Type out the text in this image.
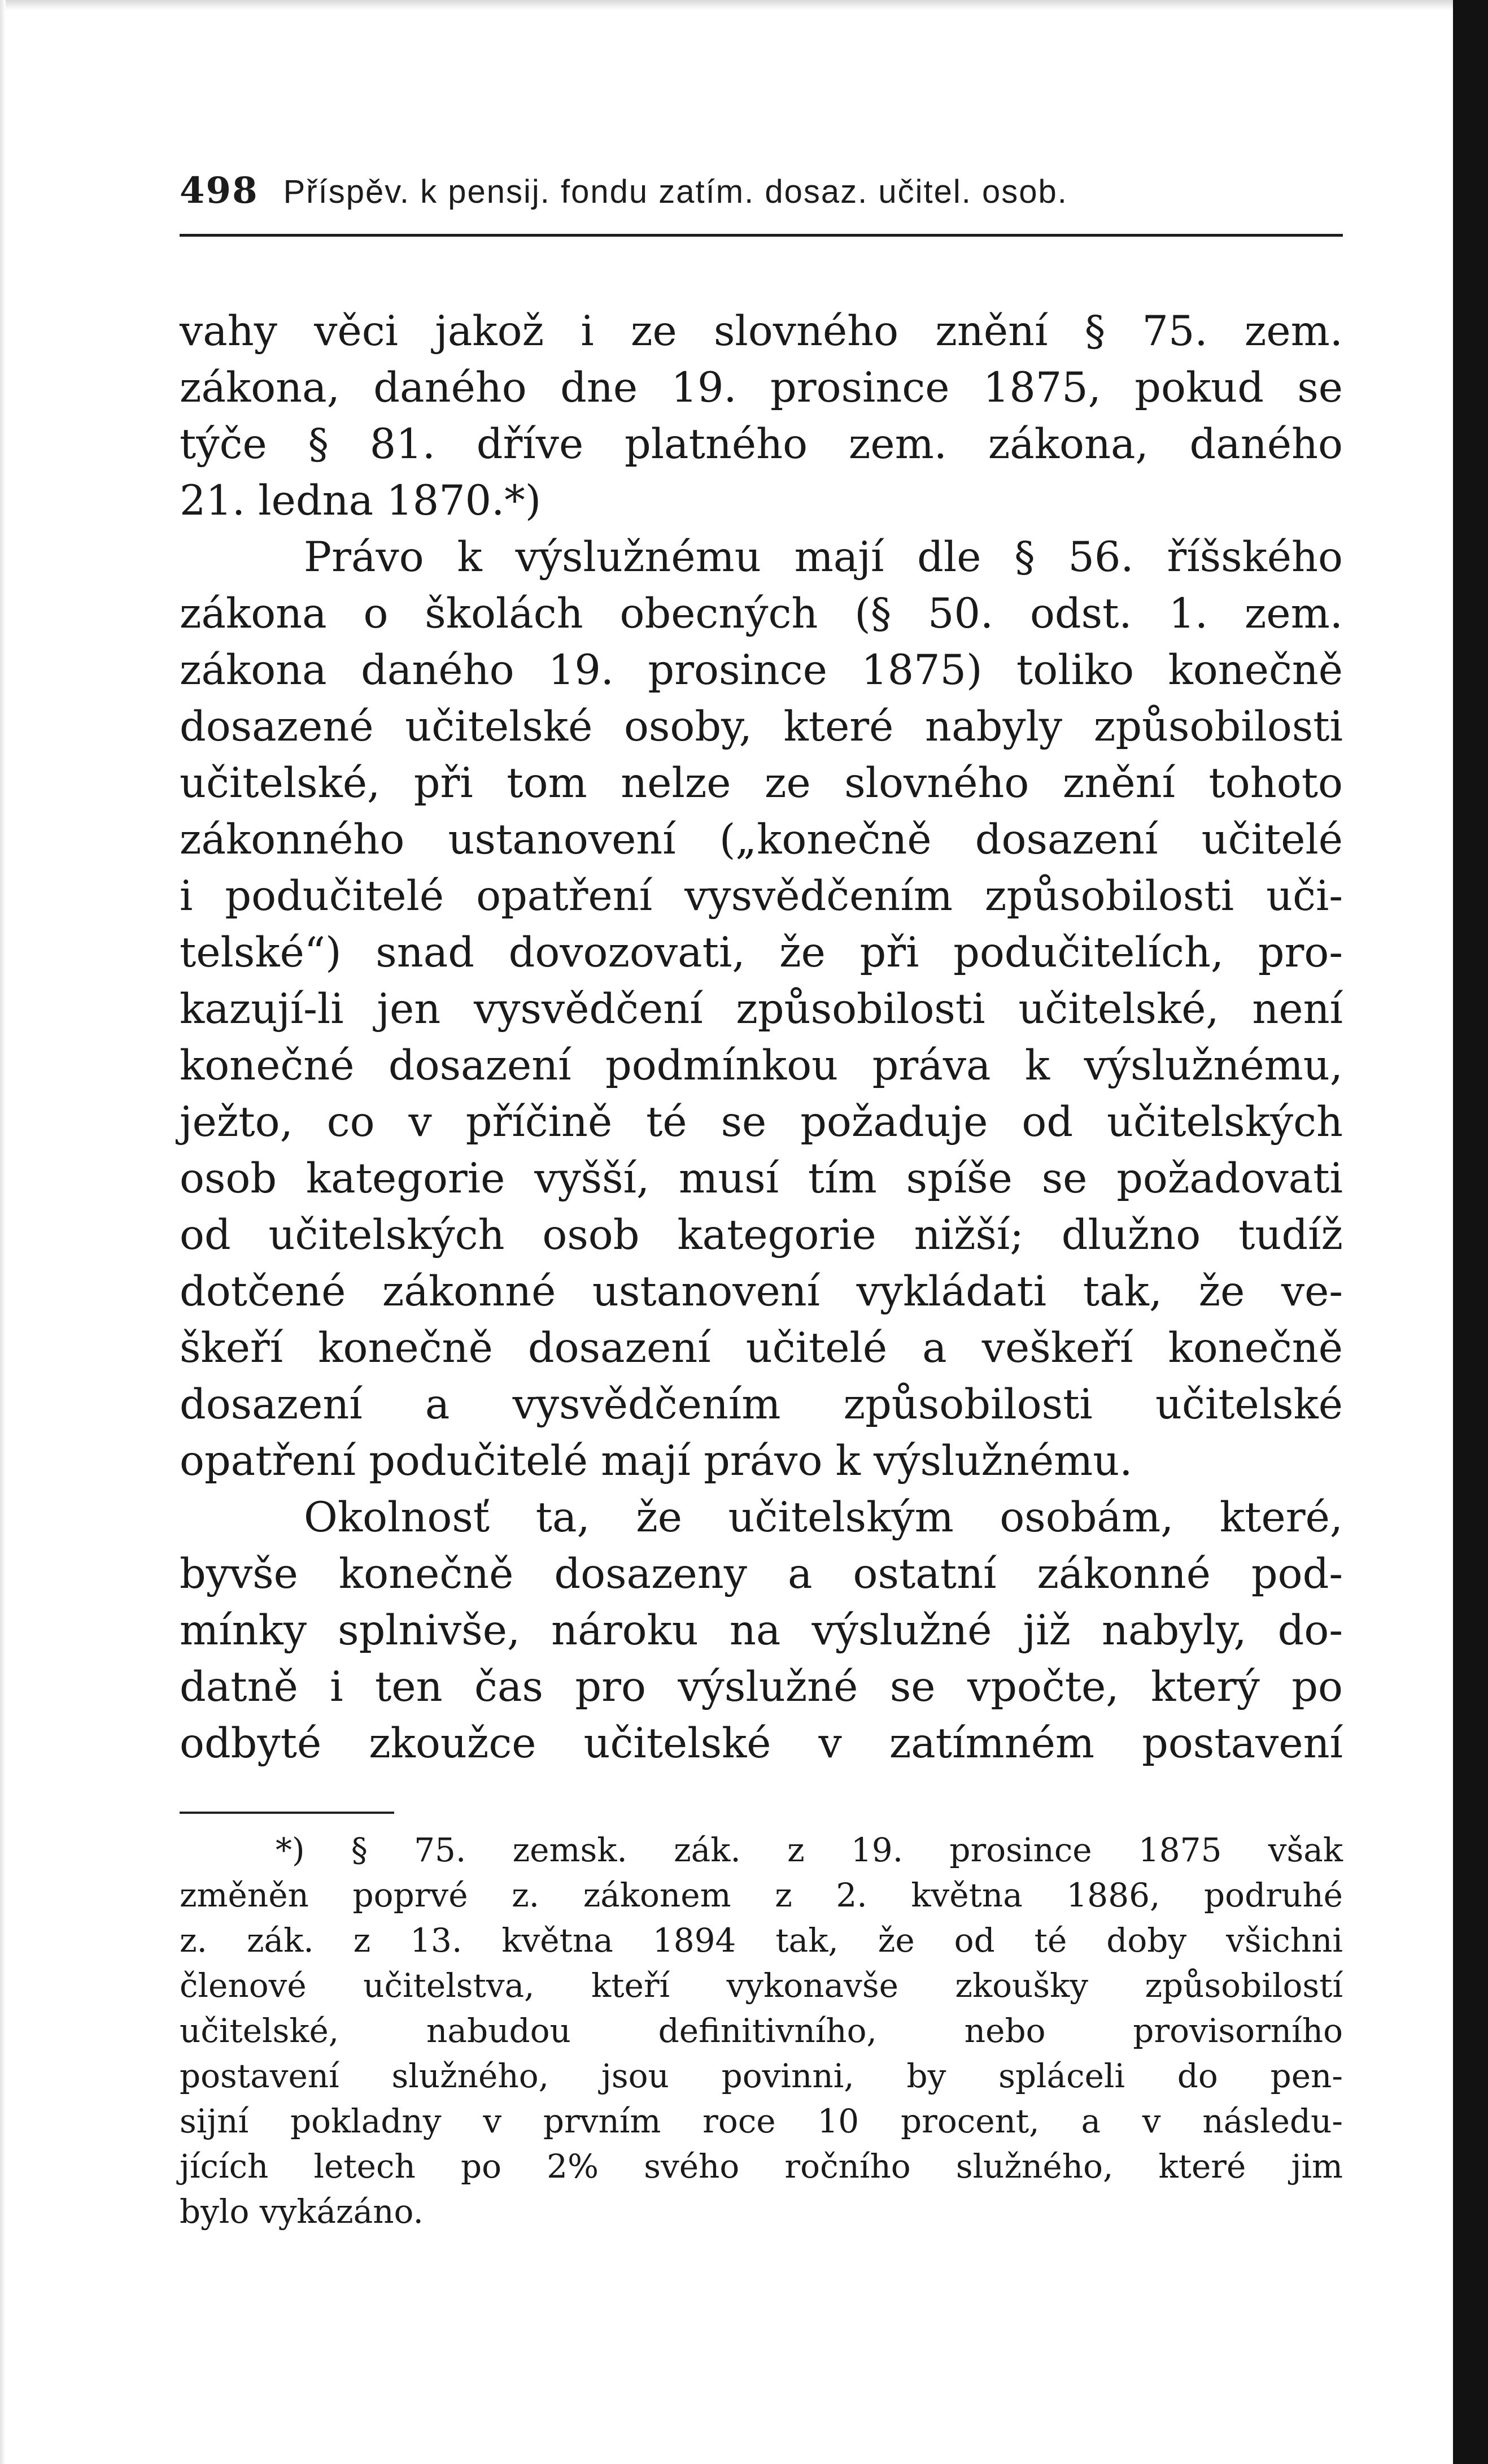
498 Příspěv. k pensij. fondu zatím. dosaz. učitel. osob.
vahy věci jakož i ze slovného znění § 75. zem.
zákona, daného dne 19. prosince 1875, pokud se
týče § 81. dříve platného zem. zákona, daného
21. ledna 1870.*)
Právo k výslužnému mají dle § 56. říšského
zákona o školách obecných (§ 50. odst. 1. zem.
zákona daného 19. prosince 1875) toliko konečně
dosazené učitelské osoby, které nabyly způsobilosti
učitelské, při tom nelze ze slovného znění tohoto
zákonného ustanovení („konečně dosazení učitelé
i podučitelé opatření vysvědčením způsobilosti uči-
telské“) snad dovozovati, že při podučitelích, pro-
kazují-li jen vysvědčení způsobilosti učitelské, není
konečné dosazení podmínkou práva k výslužnému,
ježto, co v příčině té se požaduje od učitelských
osob kategorie vyšší, musí tím spíše se požadovati
od učitelských osob kategorie nižší; dlužno tudíž
dotčené zákonné ustanovení vykládati tak, že ve-
škeří konečně dosazení učitelé a veškeří konečně
dosazení a vysvědčením způsobilosti učitelské
opatření podučitelé mají právo k výslužnému.
Okolnosť ta, že učitelským osobám, které,
byvše konečně dosazeny a ostatní zákonné pod-
mínky splnivše, nároku na výslužné již nabyly, do-
datně i ten čas pro výslužné se vpočte, který po
odbyté zkoužce učitelské v zatímném postavení
*) § 75. zemsk. zák. z 19. prosince 1875 však
změněn poprvé z. zákonem z 2. května 1886, podruhé
z. zák. z 13. května 1894 tak, že od té doby všichni
členové učitelstva, kteří vykonavše zkoušky způsobilostí
učitelské, nabudou definitivního, nebo provisorního
postavení služného, jsou povinni, by spláceli do pen-
sijní pokladny v prvním roce 10 procent, a v následu-
jících letech po 2% svého ročního služného, které jim
bylo vykázáno.
